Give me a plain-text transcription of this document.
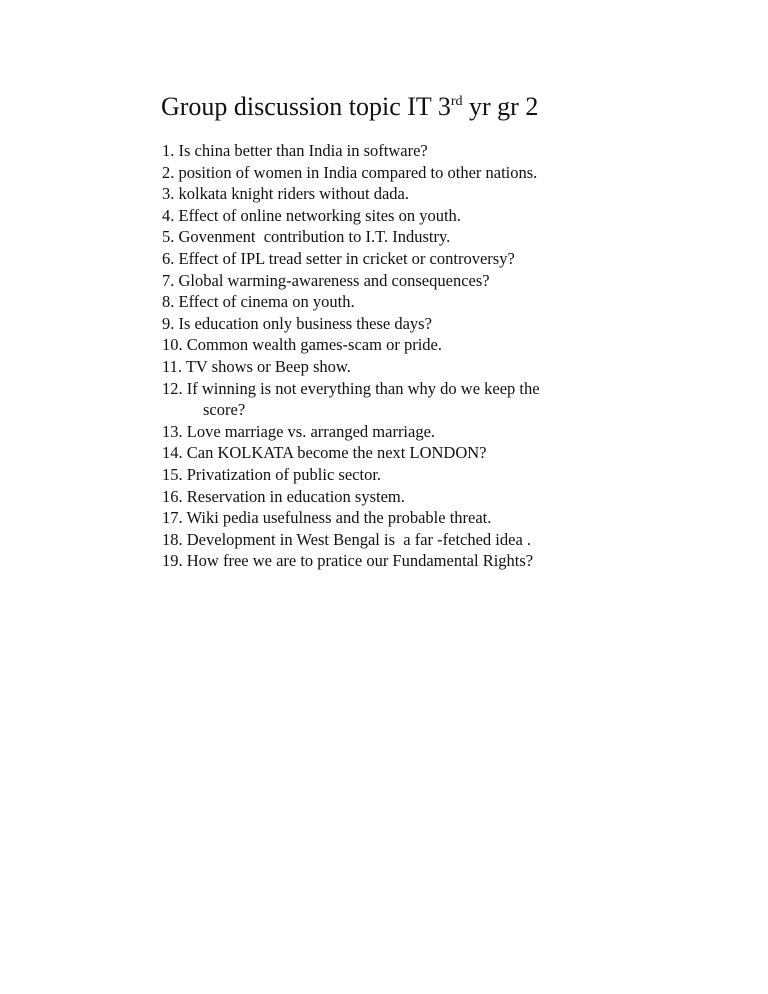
Group discussion topic IT 3rd yr gr 2
1. Is china better than India in software?
2. position of women in India compared to other nations.
3. kolkata knight riders without dada.
4. Effect of online networking sites on youth.
5. Govenment  contribution to I.T. Industry.
6. Effect of IPL tread setter in cricket or controversy?
7. Global warming-awareness and consequences?
8. Effect of cinema on youth.
9. Is education only business these days?
10. Common wealth games-scam or pride.
11. TV shows or Beep show.
12. If winning is not everything than why do we keep the
score?
13. Love marriage vs. arranged marriage.
14. Can KOLKATA become the next LONDON?
15. Privatization of public sector.
16. Reservation in education system.
17. Wiki pedia usefulness and the probable threat.
18. Development in West Bengal is  a far -fetched idea .
19. How free we are to pratice our Fundamental Rights?
